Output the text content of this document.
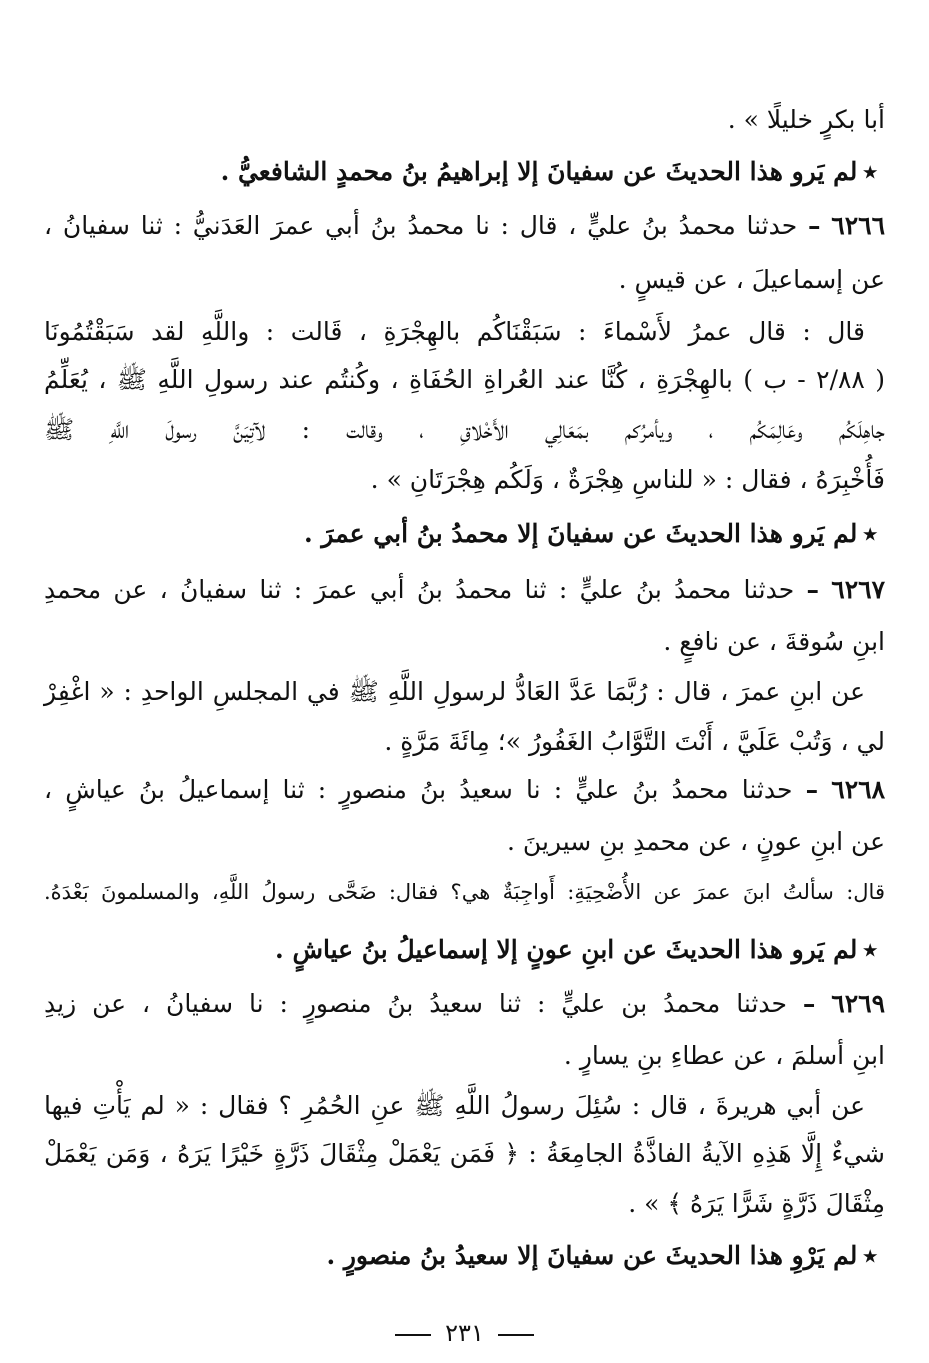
أبا بكرٍ خليلًا » .
٭لم يَرو هذا الحديثَ عن سفيانَ إلا إبراهيمُ بنُ محمدٍ الشافعيُّ .
٦٢٦٦ – حدثنا محمدُ بنُ عليٍّ ، قال : نا محمدُ بنُ أبي عمرَ العَدَنيُّ : ثنا سفيانُ ،
عن إسماعيلَ ، عن قيسٍ .
قال : قال عمرُ لأَسْماءَ : سَبَقْنَاكُم بالهِجْرَةِ ، قَالت : واللَّهِ لقد سَبَقْتُمُونَا
( ٢/٨٨ - ب ) بالهِجْرَةِ ، كُنَّا عند العُراةِ الحُفَاةِ ، وكُنتُم عند رسولِ اللَّهِ ﷺ ، يُعَلِّمُ
جاهِلَكُم وعَالِمَكُم ، ويأمرُكم بمَعَالِي الأَخْلاقِ ، وقالت : لآتِيَنَّ رسولَ اللَّهِ ﷺ
فَأُخْبِرَهُ ، فقال : « للناسِ هِجْرَةٌ ، وَلَكُم هِجْرَتَانِ » .
٭لم يَرو هذا الحديثَ عن سفيانَ إلا محمدُ بنُ أبي عمرَ .
٦٢٦٧ – حدثنا محمدُ بنُ عليٍّ : ثنا محمدُ بنُ أبي عمرَ : ثنا سفيانُ ، عن محمدِ
ابنِ سُوقةَ ، عن نافعٍ .
عن ابنِ عمرَ ، قال : رُبَّمَا عَدَّ العَادُّ لرسولِ اللَّهِ ﷺ في المجلسِ الواحدِ : « اغْفِرْ
لي ، وَتُبْ عَلَيَّ ، أَنْتَ التَّوَّابُ الغَفُورُ »؛ مِائَةَ مَرَّةٍ .
٦٢٦٨ – حدثنا محمدُ بنُ عليٍّ : نا سعيدُ بنُ منصورٍ : ثنا إسماعيلُ بنُ عياشٍ ،
عن ابنِ عونٍ ، عن محمدِ بنِ سيرينَ .
قال: سألتُ ابنَ عمرَ عن الأُضْحِيَةِ: أَواجِبَةٌ هي؟ فقال: ضَحَّى رسولُ اللَّهِ، والمسلمونَ بَعْدَهُ.
٭لم يَرو هذا الحديثَ عن ابنِ عونٍ إلا إسماعيلُ بنُ عياشٍ .
٦٢٦٩ – حدثنا محمدُ بن عليٍّ : ثنا سعيدُ بنُ منصورٍ : نا سفيانُ ، عن زيدِ
ابنِ أسلمَ ، عن عطاءِ بنِ يسارٍ .
عن أبي هريرةَ ، قال : سُئِلَ رسولُ اللَّهِ ﷺ عنِ الحُمُرِ ؟ فقال : « لم يَأْتِ فيها
شيءٌ إِلَّا هَذِهِ الآيةُ الفاذَّةُ الجامِعَةُ : ﴿ فَمَن يَعْمَلْ مِثْقَالَ ذَرَّةٍ خَيْرًا يَرَهُ ، وَمَن يَعْمَلْ
مِثْقَالَ ذَرَّةٍ شَرًّا يَرَهُ ﴾ » .
٭لم يَرْوِ هذا الحديثَ عن سفيانَ إلا سعيدُ بنُ منصورٍ .
٢٣١
